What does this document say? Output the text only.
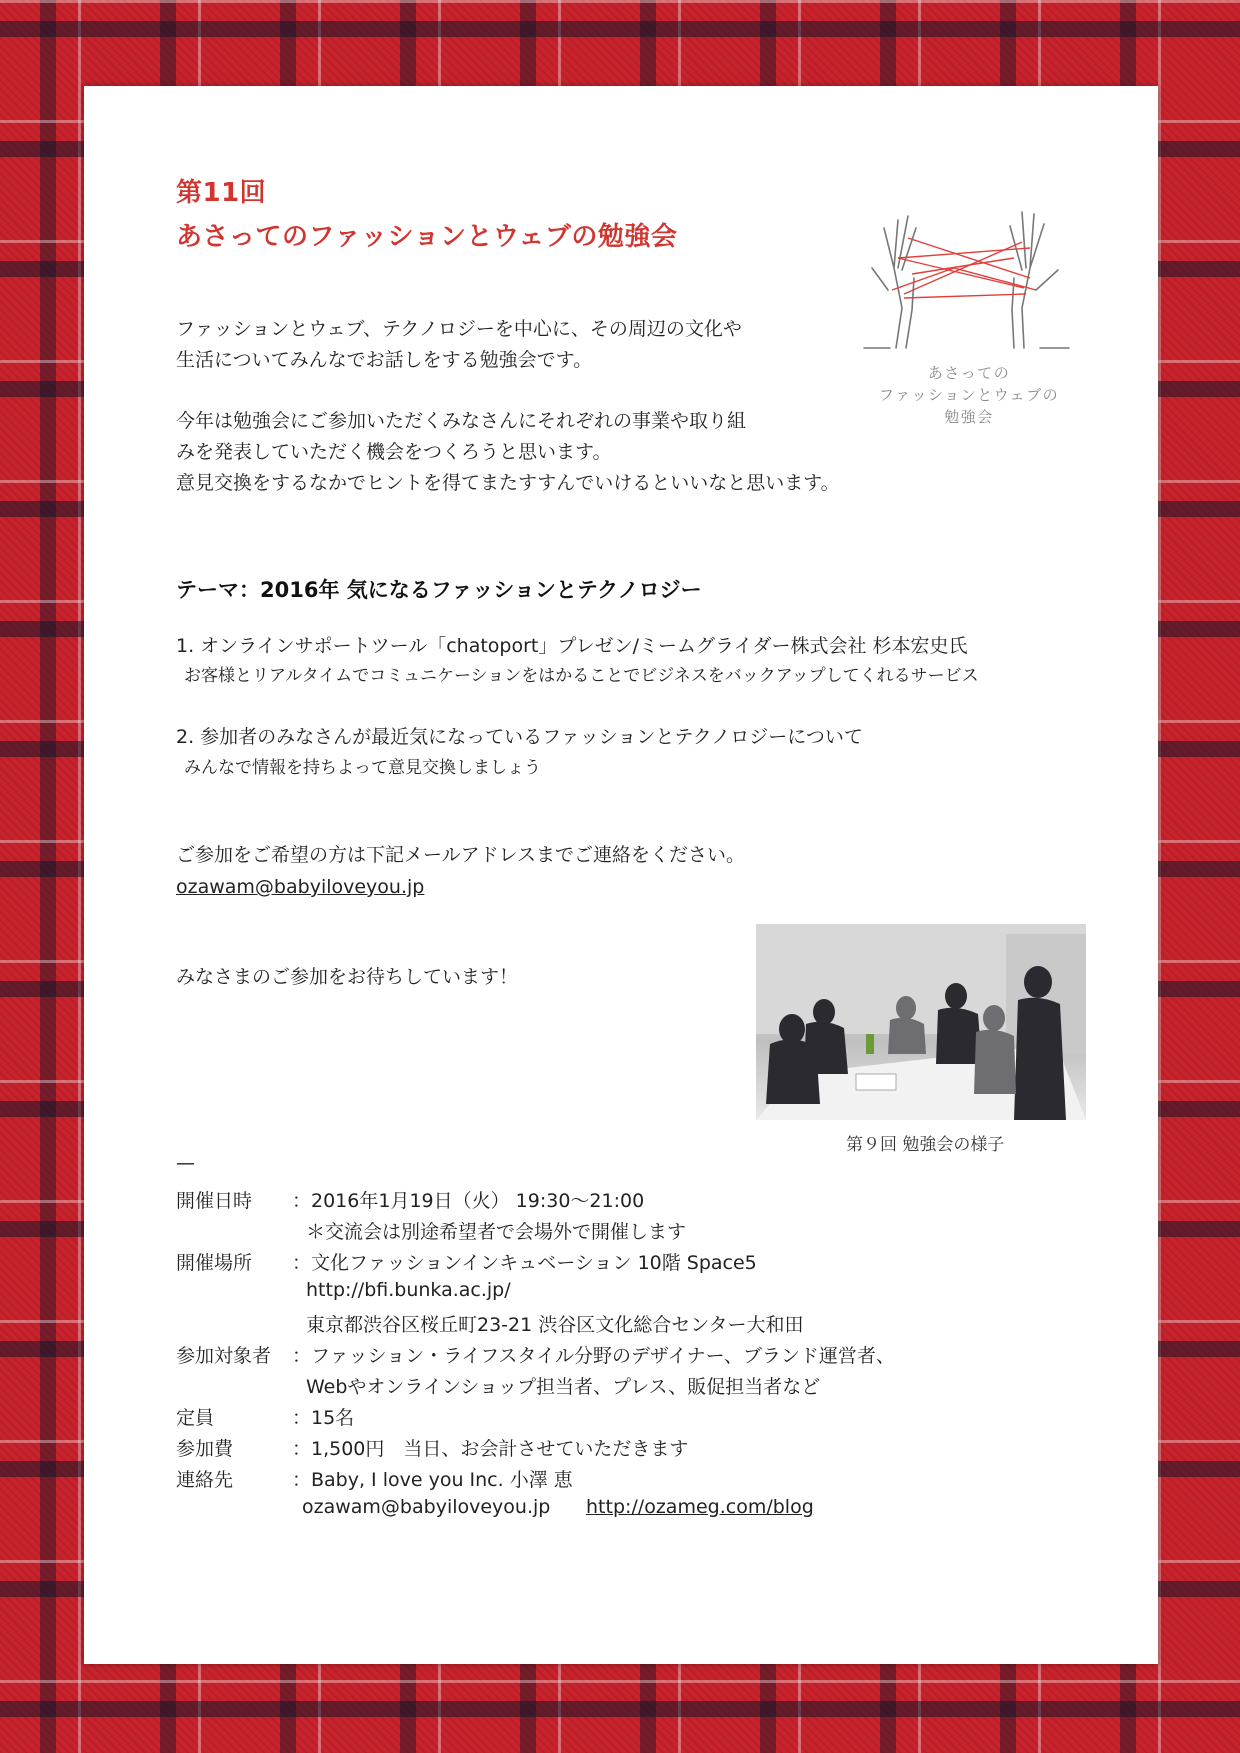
第11回
あさってのファッションとウェブの勉強会
あさっての
ファッションとウェブの
勉強会
ファッションとウェブ、テクノロジーを中心に、その周辺の文化や
生活についてみんなでお話しをする勉強会です。
今年は勉強会にご参加いただくみなさんにそれぞれの事業や取り組
みを発表していただく機会をつくろうと思います。
意見交換をするなかでヒントを得てまたすすんでいけるといいなと思います。
テーマ：2016年 気になるファッションとテクノロジー
1. オンラインサポートツール「chatoport」プレゼン/ミームグライダー株式会社 杉本宏史氏
お客様とリアルタイムでコミュニケーションをはかることでビジネスをバックアップしてくれるサービス
2. 参加者のみなさんが最近気になっているファッションとテクノロジーについて
みんなで情報を持ちよって意見交換しましょう
ご参加をご希望の方は下記メールアドレスまでご連絡をください。
ozawam@babyiloveyou.jp
みなさまのご参加をお待ちしています！
第９回 勉強会の様子
—
開催日時	：2016年1月19日（火） 19:30〜21:00
＊交流会は別途希望者で会場外で開催します
開催場所	：文化ファッションインキュベーション 10階 Space5
http://bfi.bunka.ac.jp/
東京都渋谷区桜丘町23-21 渋谷区文化総合センター大和田
参加対象者	：ファッション・ライフスタイル分野のデザイナー、ブランド運営者、
Webやオンラインショップ担当者、プレス、販促担当者など
定員	：15名
参加費	：1,500円　当日、お会計させていただきます
連絡先	：Baby, I love you Inc. 小澤 恵
ozawam@babyiloveyou.jp http://ozameg.com/blog
